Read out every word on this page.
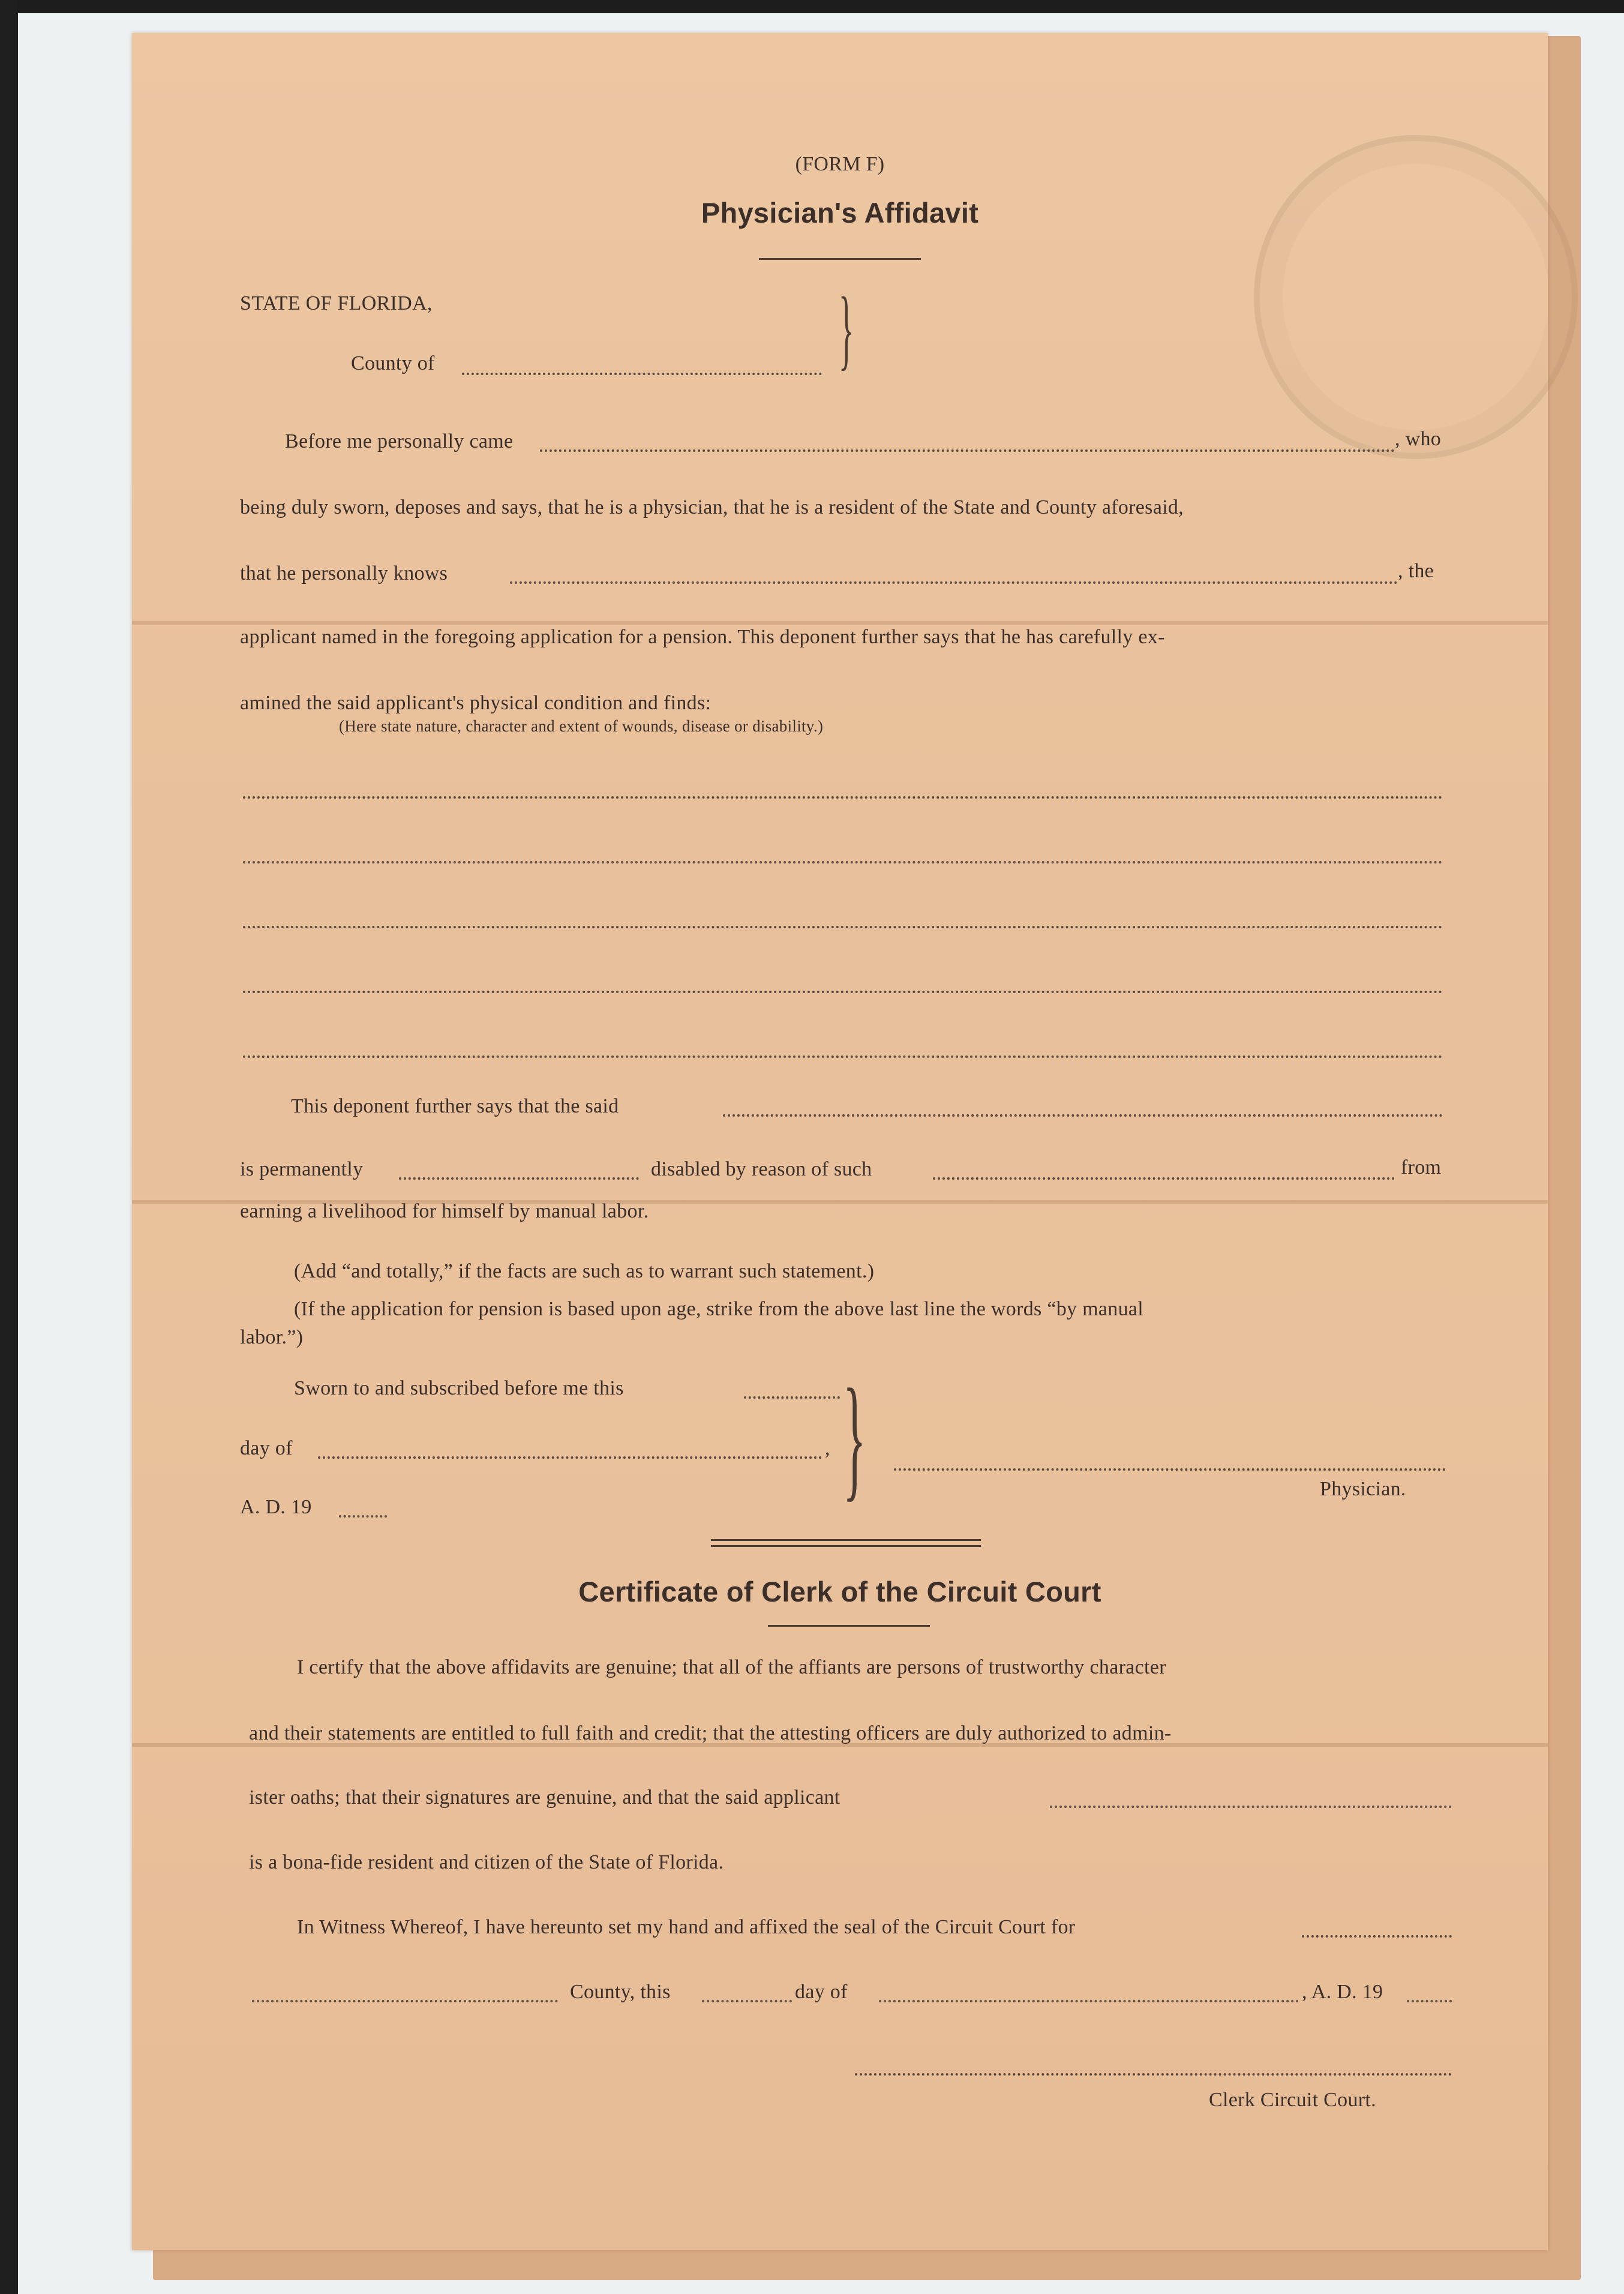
(FORM F)
Physician's Affidavit
STATE OF FLORIDA,
County of	}
Before me personally came	, who
being duly sworn, deposes and says, that he is a physician, that he is a resident of the State and County aforesaid,
that he personally knows	, the
applicant named in the foregoing application for a pension. This deponent further says that he has carefully ex-
amined the said applicant's physical condition and finds:
(Here state nature, character and extent of wounds, disease or disability.)
This deponent further says that the said
is permanently	disabled by reason of such	from
earning a livelihood for himself by manual labor.
(Add “and totally,” if the facts are such as to warrant such statement.)
(If the application for pension is based upon age, strike from the above last line the words “by manual
labor.”)
Sworn to and subscribed before me this
day of	,
A. D. 19	}	Physician.
Certificate of Clerk of the Circuit Court
I certify that the above affidavits are genuine; that all of the affiants are persons of trustworthy character
and their statements are entitled to full faith and credit; that the attesting officers are duly authorized to admin-
ister oaths; that their signatures are genuine, and that the said applicant
is a bona-fide resident and citizen of the State of Florida.
In Witness Whereof, I have hereunto set my hand and affixed the seal of the Circuit Court for
County, this	day of	, A. D. 19
Clerk Circuit Court.
